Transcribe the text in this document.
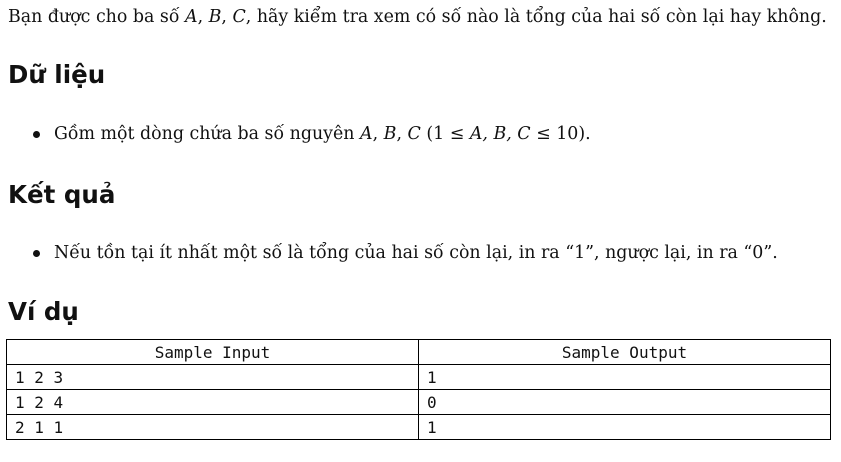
Bạn được cho ba số A, B, C, hãy kiểm tra xem có số nào là tổng của hai số còn lại hay không.
Dữ liệu
Gồm một dòng chứa ba số nguyên A, B, C (1 ≤ A, B, C ≤ 10).
Kết quả
Nếu tồn tại ít nhất một số là tổng của hai số còn lại, in ra “1”, ngược lại, in ra “0”.
Ví dụ
Sample Input	Sample Output
1 2 3	1
1 2 4	0
2 1 1	1
